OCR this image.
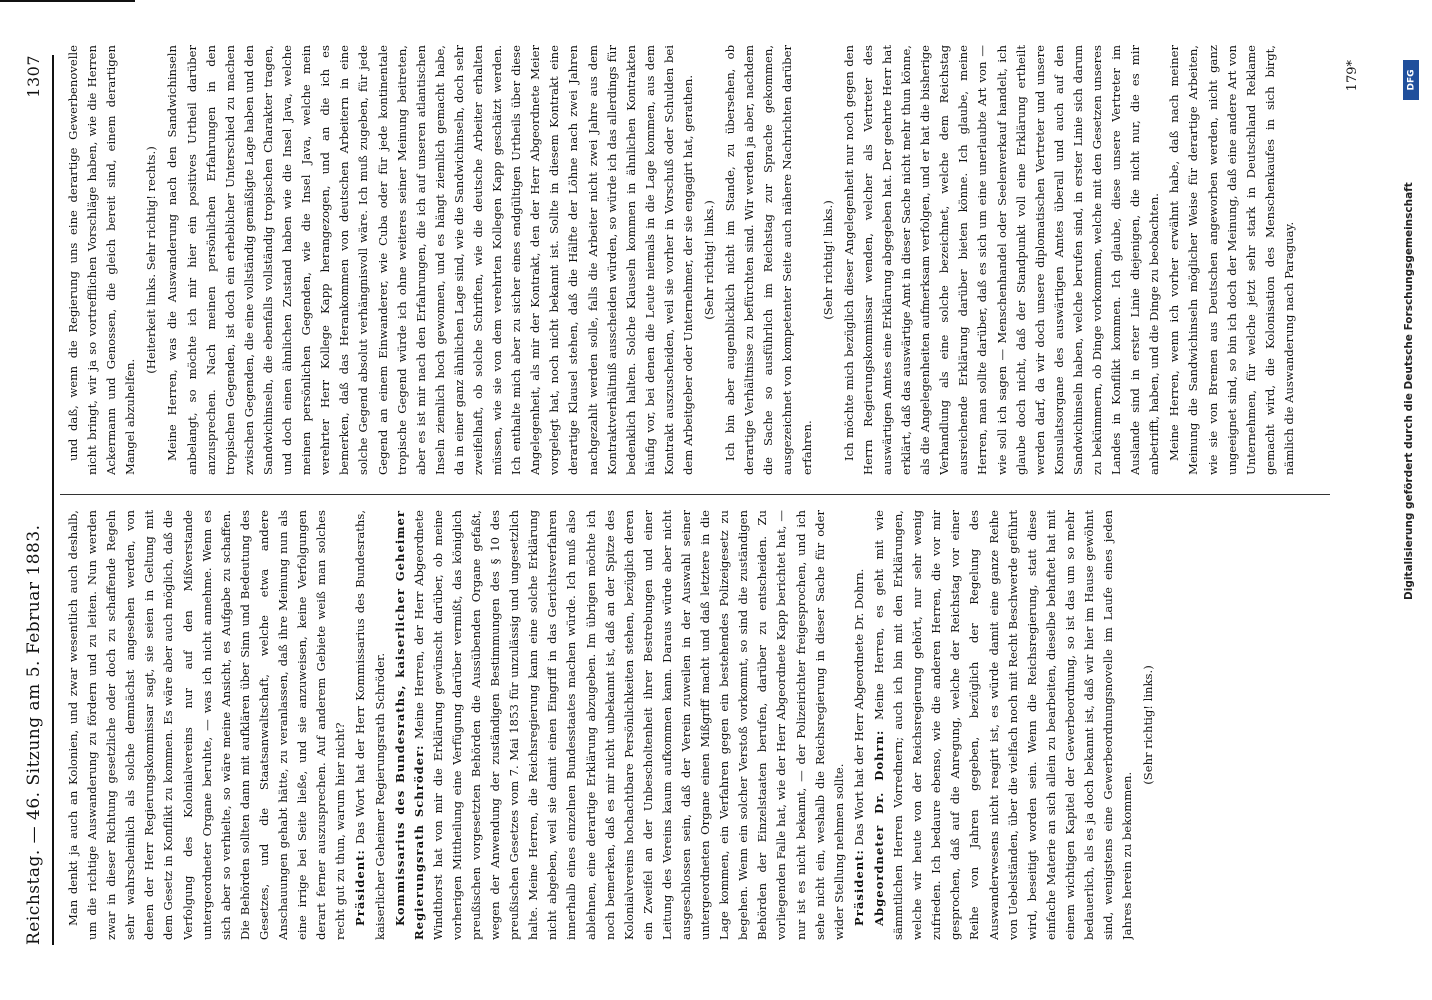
Reichstag. — 46. Sitzung am 5. Februar 1883.
1307

Man denkt ja auch an Kolonien, und zwar wesentlich auch deshalb, um die richtige Auswanderung zu fördern und zu leiten. Nun werden zwar in dieser Richtung gesetzliche oder doch zu schaffende Regeln sehr wahrscheinlich als solche demnächst angesehen werden, von denen der Herr Regierungskommissar sagt, sie seien in Geltung mit dem Gesetz in Konflikt zu kommen. Es wäre aber auch möglich, daß die Verfolgung des Kolonialvereins nur auf den Mißverstande untergeordneter Organe beruhte, — was ich nicht annehme. Wenn es sich aber so verhielte, so wäre meine Ansicht, es Aufgabe zu schaffen. Die Behörden sollten dann mit aufklären über Sinn und Bedeutung des Gesetzes, und die Staatsanwaltschaft, welche etwa andere Anschauungen gehabt hätte, zu veranlassen, daß ihre Meinung nun als eine irrige bei Seite ließe, und sie anzuweisen, keine Verfolgungen derart ferner auszusprechen. Auf anderem Gebiete weiß man solches recht gut zu thun, warum hier nicht? Präsident: Das Wort hat der Herr Kommissarius des Bundesraths, kaiserlicher Geheimer Regierungsrath Schröder. Kommissarius des Bundesraths, kaiserlicher Geheimer Regierungsrath Schröder: Meine Herren, der Herr Abgeordnete Windthorst hat von mir die Erklärung gewünscht darüber, ob meine vorherigen Mittheilung eine Verfügung darüber vermißt, das königlich preußischen vorgesetzten Behörden die Aussübenden Organe gefaßt, wegen der Anwendung der zuständigen Bestimmungen des § 10 des preußischen Gesetzes vom 7. Mai 1853 für unzulässig und ungesetzlich halte. Meine Herren, die Reichsregierung kann eine solche Erklärung nicht abgeben, weil sie damit einen Eingriff in das Gerichtsverfahren innerhalb eines einzelnen Bundesstaates machen würde. Ich muß also ablehnen, eine derartige Erklärung abzugeben. Im übrigen möchte ich noch bemerken, daß es mir nicht unbekannt ist, daß an der Spitze des Kolonialvereins hochachtbare Persönlichkeiten stehen, bezüglich deren ein Zweifel an der Unbescholtenheit ihrer Bestrebungen und einer Leitung des Vereins kaum aufkommen kann. Daraus würde aber nicht ausgeschlossen sein, daß der Verein zuweilen in der Auswahl seiner untergeordneten Organe einen Mißgriff macht und daß letztere in die Lage kommen, ein Verfahren gegen ein bestehendes Polizeigesetz zu begehen. Wenn ein solcher Verstoß vorkommt, so sind die zuständigen Behörden der Einzelstaaten berufen, darüber zu entscheiden. Zu vorliegenden Falle hat, wie der Herr Abgeordnete Kapp berichtet hat, — nur ist es nicht bekannt, — der Polizeirichter freigesprochen, und ich sehe nicht ein, weshalb die Reichsregierung in dieser Sache für oder wider Stellung nehmen sollte. Präsident: Das Wort hat der Herr Abgeordnete Dr. Dohrn. Abgeordneter Dr. Dohrn: Meine Herren, es geht mit wie sämmtlichen Herren Vorrednern; auch ich bin mit den Erklärungen, welche wir heute von der Reichsregierung gehört, nur sehr wenig zufrieden. Ich bedaure ebenso, wie die anderen Herren, die vor mir gesprochen, daß auf die Anregung, welche der Reichstag vor einer Reihe von Jahren gegeben, bezüglich der Regelung des Auswanderwesens nicht reagirt ist, es würde damit eine ganze Reihe von Uebelständen, über die vielfach noch mit Recht Beschwerde geführt wird, beseitigt worden sein. Wenn die Reichsregierung, statt diese einfache Materie an sich allein zu bearbeiten, dieselbe behaftet hat mit einem wichtigen Kapitel der Gewerbeordnung, so ist das um so mehr bedauerlich, als es ja doch bekannt ist, daß wir hier im Hause gewöhnt sind, wenigstens eine Gewerbeordnungsnovelle im Laufe eines jeden Jahres herein zu bekommen.

(Sehr richtig! links.)

und daß, wenn die Regierung uns eine derartige Gewerbenovelle nicht bringt, wir ja so vortrefflichen Vorschläge haben, wie die Herren Ackermann und Genossen, die gleich bereit sind, einem derartigen Mangel abzuhelfen.

(Heiterkeit links. Sehr richtig! rechts.) Meine Herren, was die Auswanderung nach den Sandwichinseln anbelangt, so möchte ich mir hier ein positives Urtheil darüber anzusprechen. Nach meinen persönlichen Erfahrungen in den tropischen Gegenden, ist doch ein erheblicher Unterschied zu machen zwischen Gegenden, die eine vollständig gemäßigte Lage haben und den Sandwichinseln, die ebenfalls vollständig tropischen Charakter tragen, und doch einen ähnlichen Zustand haben wie die Insel Java, welche meinen persönlichen Gegenden, wie die Insel Java, welche mein verehrter Herr Kollege Kapp herangezogen, und an die ich es bemerken, daß das Herankommen von deutschen Arbeitern in eine solche Gegend absolut verhängnisvoll wäre. Ich muß zugeben, für jede Gegend an einem Einwanderer, wie Cuba oder für jede kontinentale tropische Gegend würde ich ohne weiteres seiner Meinung beitreten, aber es ist mir nach den Erfahrungen, die ich auf unseren atlantischen Inseln ziemlich hoch gewonnen, und es hängt ziemlich gemacht habe, da in einer ganz ähnlichen Lage sind, wie die Sandwichinseln, doch sehr zweifelhaft, ob solche Schriften, wie die deutsche Arbeiter erhalten müssen, wie sie von dem verehrten Kollegen Kapp geschätzt werden. Ich enthalte mich aber zu sicher eines endgültigen Urtheils über diese Angelegenheit, als mir der Kontrakt, den der Herr Abgeordnete Meier vorgelegt hat, noch nicht bekannt ist. Sollte in diesem Kontrakt eine derartige Klausel stehen, daß die Hälfte der Löhne nach zwei Jahren nachgezahlt werden solle, falls die Arbeiter nicht zwei Jahre aus dem Kontraktverhältniß ausscheiden würden, so würde ich das allerdings für bedenklich halten. Solche Klauseln kommen in ähnlichen Kontrakten häufig vor, bei denen die Leute niemals in die Lage kommen, aus dem Kontrakt auszuscheiden, weil sie vorher in Vorschuß oder Schulden bei dem Arbeitgeber oder Unternehmer, der sie engagirt hat, gerathen. (Sehr richtig! links.) Ich bin aber augenblicklich nicht im Stande, zu übersehen, ob derartige Verhältnisse zu befürchten sind. Wir werden ja aber, nachdem die Sache so ausführlich im Reichstag zur Sprache gekommen, ausgezeichnet von kompetenter Seite auch nähere Nachrichten darüber erfahren.

(Sehr richtig! links.) Ich möchte mich bezüglich dieser Angelegenheit nur noch gegen den Herrn Regierungskommissar wenden, welcher als Vertreter des auswärtigen Amtes eine Erklärung abgegeben hat. Der geehrte Herr hat erklärt, daß das auswärtige Amt in dieser Sache nicht mehr thun könne, als die Angelegenheiten aufmerksam verfolgen, und er hat die bisherige Verhandlung als eine solche bezeichnet, welche dem Reichstag ausreichende Erklärung darüber bieten könne. Ich glaube, meine Herren, man sollte darüber, daß es sich um eine unerlaubte Art von — wie soll ich sagen — Menschenhandel oder Seelenverkauf handelt, ich glaube doch nicht, daß der Standpunkt voll eine Erklärung ertheilt werden darf, da wir doch unsere diplomatischen Vertreter und unsere Konsulatsorgane des auswärtigen Amtes überall und auch auf den Sandwichinseln haben, welche berufen sind, in erster Linie sich darum zu bekümmern, ob Dinge vorkommen, welche mit den Gesetzen unseres Landes in Konflikt kommen. Ich glaube, diese unsere Vertreter im Auslande sind in erster Linie diejenigen, die nicht nur, die es mir anbetrifft, haben, und die Dinge zu beobachten. Meine Herren, wenn ich vorher erwähnt habe, daß nach meiner Meinung die Sandwichinseln möglicher Weise für derartige Arbeiten, wie sie von Bremen aus Deutschen angeworben werden, nicht ganz ungeeignet sind, so bin ich doch der Meinung, daß eine andere Art von Unternehmen, für welche jetzt sehr stark in Deutschland Reklame gemacht wird, die Kolonisation des Menschenkaufes in sich birgt, nämlich die Auswanderung nach Paraguay.

179*	DFG
Digitalisierung gefördert durch die Deutsche Forschungsgemeinschaft
